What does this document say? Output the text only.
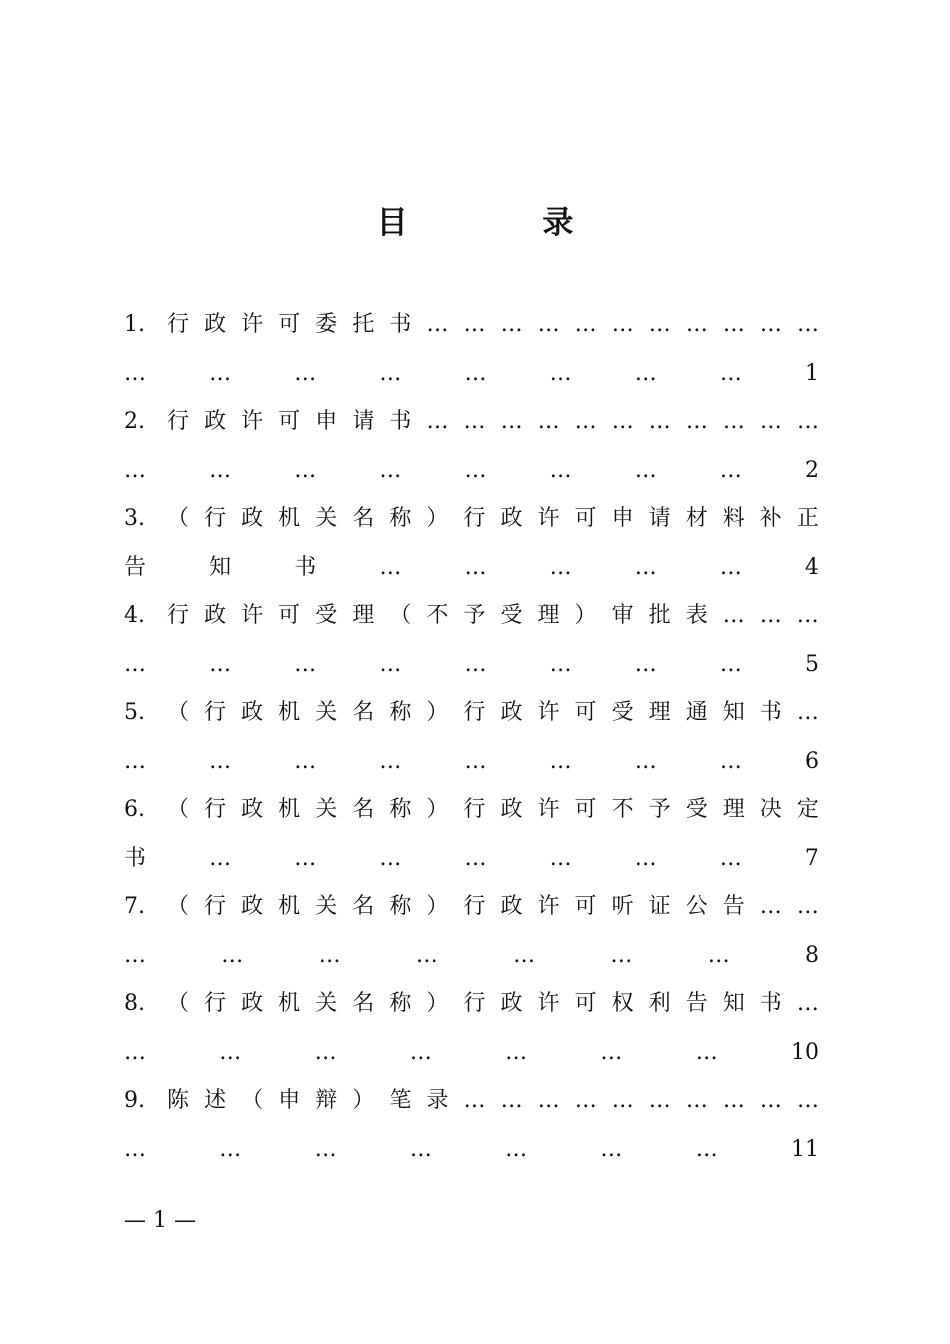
目 录
1.	行 政 许 可 委 托 书 … … … … … … … … … … …
…	…	…	…	…	…	…	…	1
2.	行 政 许 可 申 请 书 … … … … … … … … … … …
…	…	…	…	…	…	…	…	2
3.	（ 行 政 机 关 名 称 ） 行 政 许 可 申 请 材 料 补 正
告	知	书	…	…	…	…	…	4
4.	行 政 许 可 受 理 （ 不 予 受 理 ） 审 批 表 … … …
…	…	…	…	…	…	…	…	5
5.	（ 行 政 机 关 名 称 ） 行 政 许 可 受 理 通 知 书 …
…	…	…	…	…	…	…	…	6
6.	（ 行 政 机 关 名 称 ） 行 政 许 可 不 予 受 理 决 定
书	…	…	…	…	…	…	…	7
7.	（ 行 政 机 关 名 称 ） 行 政 许 可 听 证 公 告 … …
…	…	…	…	…	…	…	8
8.	（ 行 政 机 关 名 称 ） 行 政 许 可 权 利 告 知 书 …
…	…	…	…	…	…	…	10
9.	陈 述 （ 申 辩 ） 笔 录 … … … … … … … … … …
…	…	…	…	…	…	…	11
— 1 —
